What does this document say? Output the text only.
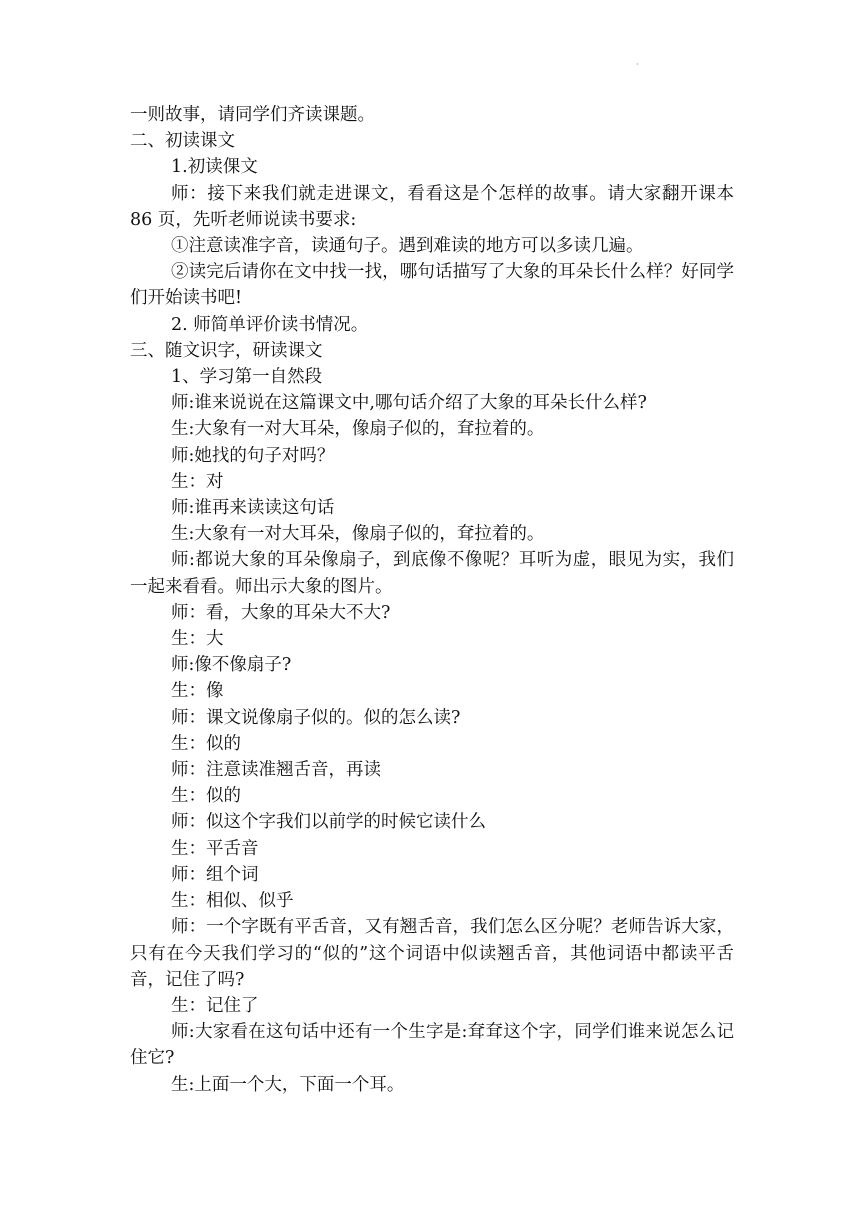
·

一则故事，请同学们齐读课题。

二、初读课文

1.初读倮文

师：接下来我们就走进课文，看看这是个怎样的故事。请大家翻开课本 86 页，先听老师说读书要求:

①注意读准字音，读通句子。遇到难读的地方可以多读几遍。

②读完后请你在文中找一找，哪句话描写了大象的耳朵长什么样？好同学们开始读书吧!

2. 师简单评价读书情况。

三、随文识字，研读课文

1、学习第一自然段

师:谁来说说在这篇课文中,哪句话介绍了大象的耳朵长什么样?

生:大象有一对大耳朵，像扇子似的，耷拉着的。

师:她找的句子对吗？

生：对

师:谁再来读读这句话

生:大象有一对大耳朵，像扇子似的，耷拉着的。

师:都说大象的耳朵像扇子，到底像不像呢？耳听为虚，眼见为实，我们一起来看看。师出示大象的图片。

师：看，大象的耳朵大不大?

生：大

师:像不像扇子?

生：像

师：课文说像扇子似的。似的怎么读?

生：似的

师：注意读准翘舌音，再读

生：似的

师：似这个字我们以前学的时候它读什么

生：平舌音

师：组个词

生：相似、似乎

师：一个字既有平舌音，又有翘舌音，我们怎么区分呢？老师告诉大家，只有在今天我们学习的“似的”这个词语中似读翘舌音，其他词语中都读平舌音，记住了吗?

生：记住了

师:大家看在这句话中还有一个生字是:耷耷这个字，同学们谁来说怎么记住它?

生:上面一个大，下面一个耳。
